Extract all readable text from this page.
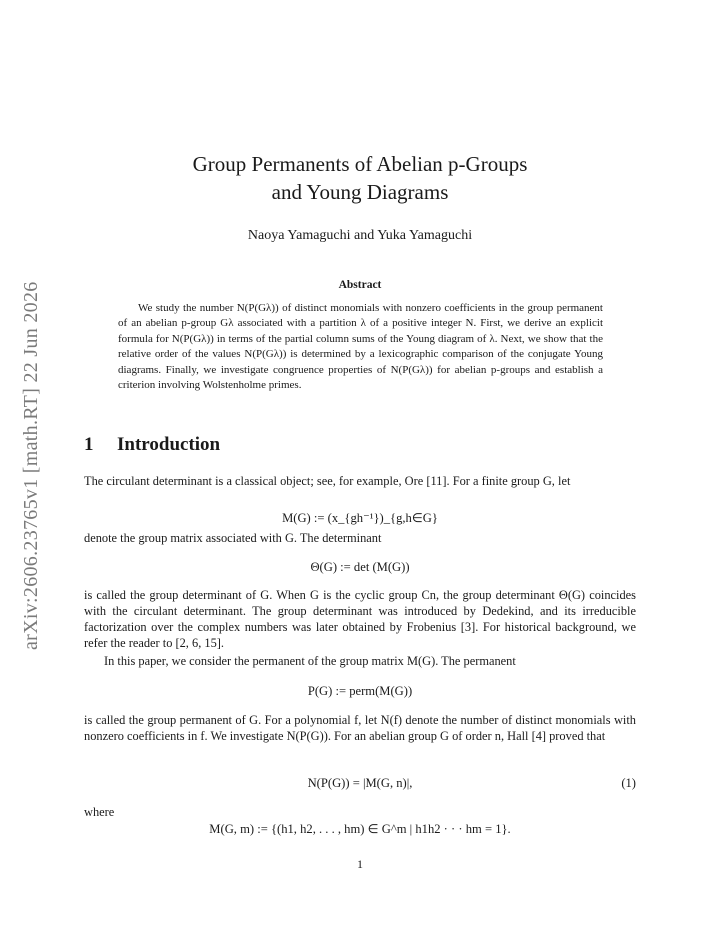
arXiv:2606.23765v1 [math.RT] 22 Jun 2026
Group Permanents of Abelian p-Groups
and Young Diagrams
Naoya Yamaguchi and Yuka Yamaguchi
Abstract
We study the number N(P(Gλ)) of distinct monomials with nonzero coefficients in the group permanent of an abelian p-group Gλ associated with a partition λ of a positive integer N. First, we derive an explicit formula for N(P(Gλ)) in terms of the partial column sums of the Young diagram of λ. Next, we show that the relative order of the values N(P(Gλ)) is determined by a lexicographic comparison of the conjugate Young diagrams. Finally, we investigate congruence properties of N(P(Gλ)) for abelian p-groups and establish a criterion involving Wolstenholme primes.
1 Introduction
The circulant determinant is a classical object; see, for example, Ore [11]. For a finite group G, let
M(G) := (x_{gh⁻¹})_{g,h∈G}
denote the group matrix associated with G. The determinant
Θ(G) := det (M(G))
is called the group determinant of G. When G is the cyclic group Cn, the group determinant Θ(G) coincides with the circulant determinant. The group determinant was introduced by Dedekind, and its irreducible factorization over the complex numbers was later obtained by Frobenius [3]. For historical background, we refer the reader to [2, 6, 15].
In this paper, we consider the permanent of the group matrix M(G). The permanent
P(G) := perm(M(G))
is called the group permanent of G. For a polynomial f, let N(f) denote the number of distinct monomials with nonzero coefficients in f. We investigate N(P(G)). For an abelian group G of order n, Hall [4] proved that
N(P(G)) = |M(G, n)|,	(1)
where
M(G, m) := {(h1, h2, . . . , hm) ∈ G^m | h1h2 · · · hm = 1}.
1
